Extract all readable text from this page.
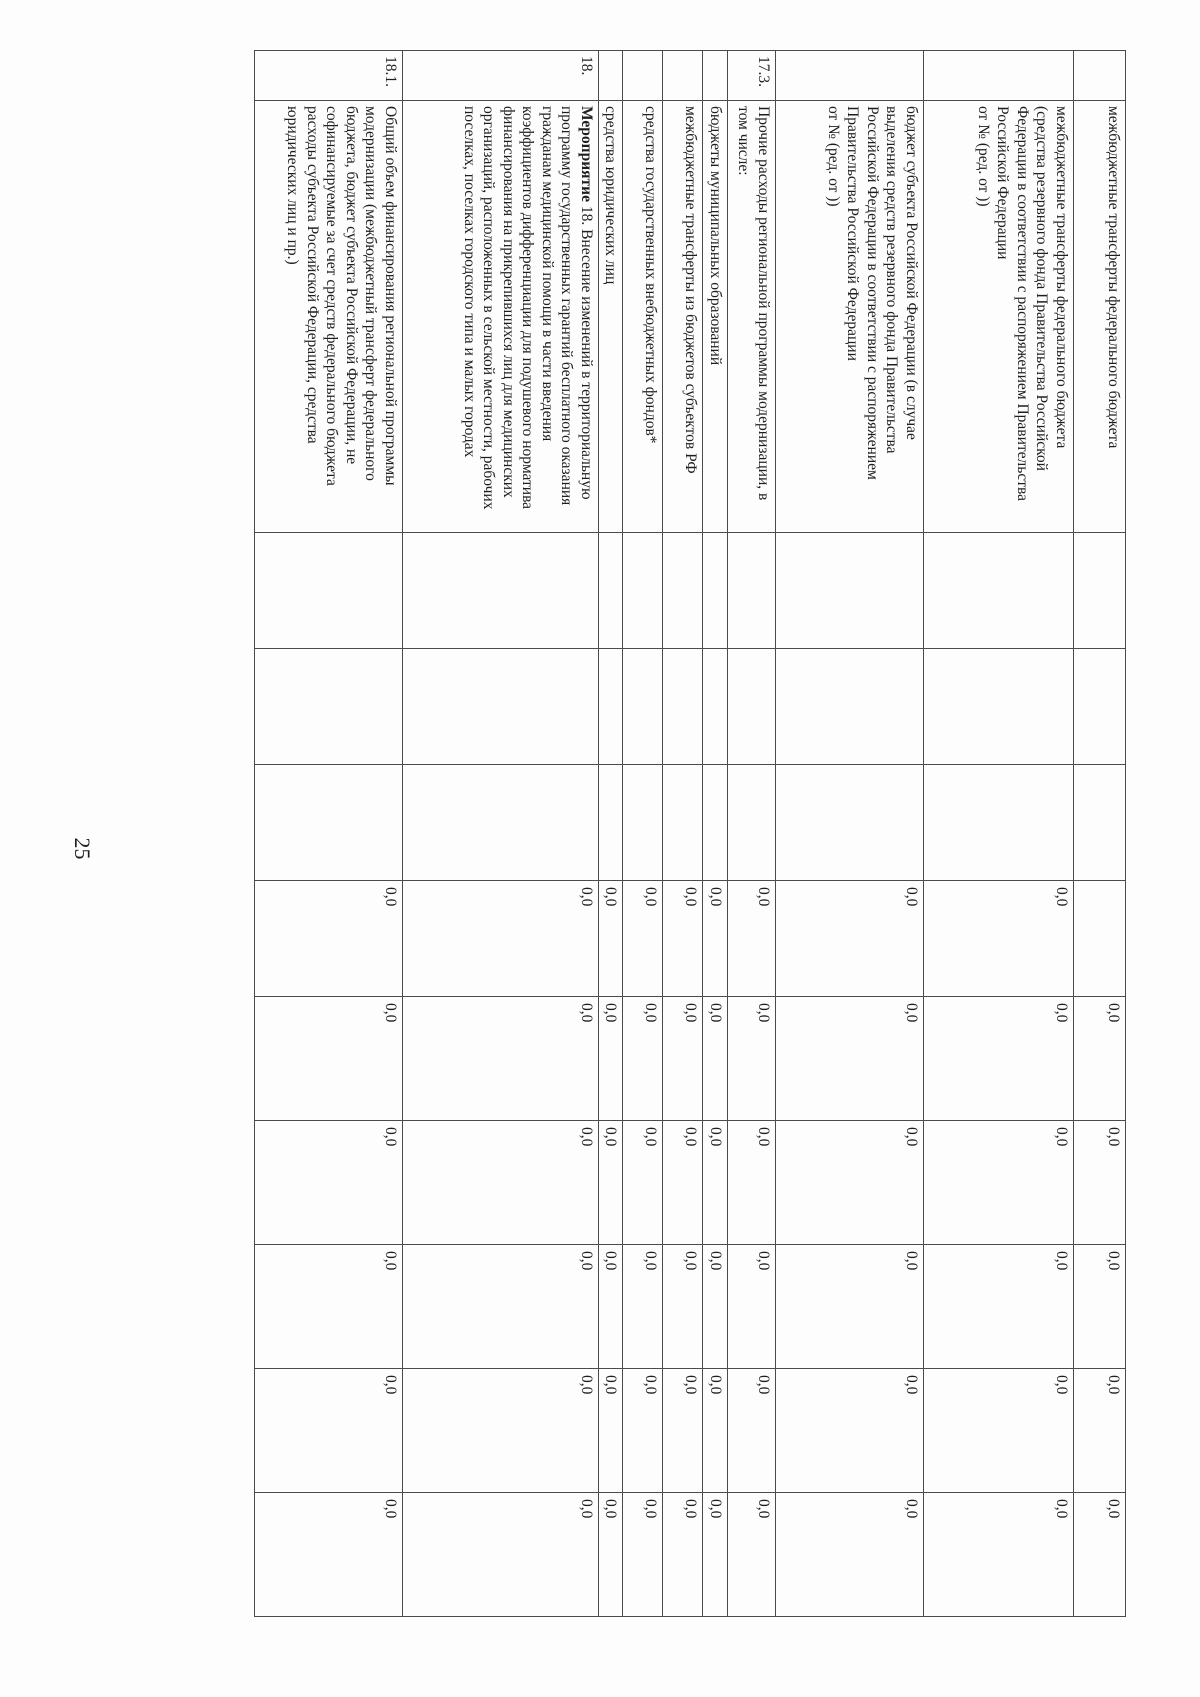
25
	межбюджетные трансферты федерального бюджета					0,0	0,0	0,0	0,0	0,0
	межбюджетные трансферты федерального бюджета
(средства резервного фонда Правительства Российской Федерации в соответствии с распоряжением Правительства Российской Федерации
от № (ред. от ))				0,0	0,0	0,0	0,0	0,0	0,0
	бюджет субъекта Российской Федерации (в случае
выделения средств резервного фонда Правительства
Российской Федерации в соответствии с распоряжением Правительства Российской Федерации
от № (ред. от ))				0,0	0,0	0,0	0,0	0,0	0,0
17.3.	Прочие расходы региональной программы модернизации, в том числе:				0,0	0,0	0,0	0,0	0,0	0,0
	бюджеты муниципальных образований				0,0	0,0	0,0	0,0	0,0	0,0
	межбюджетные трансферты из бюджетов субъектов РФ				0,0	0,0	0,0	0,0	0,0	0,0
	средства государственных внебюджетных фондов*				0,0	0,0	0,0	0,0	0,0	0,0
	средства юридических лиц				0,0	0,0	0,0	0,0	0,0	0,0
18.	Мероприятие 18. Внесение изменений в территориальную программу государственных гарантий бесплатного оказания гражданам медицинской помощи в части введения коэффициентов дифференциации для подушевого норматива финансирования на прикрепившихся лиц для медицинских организаций, расположенных в сельской местности, рабочих поселках, поселках городского типа и малых городах				0,0	0,0	0,0	0,0	0,0	0,0
18.1.	Общий объем финансирования региональной программы модернизации (межбюджетный трансферт федерального бюджета, бюджет субъекта Российской Федерации, не софинансируемые за счет средств федерального бюджета расходы субъекта Российской Федерации, средства юридических лиц и пр.)				0,0	0,0	0,0	0,0	0,0	0,0
